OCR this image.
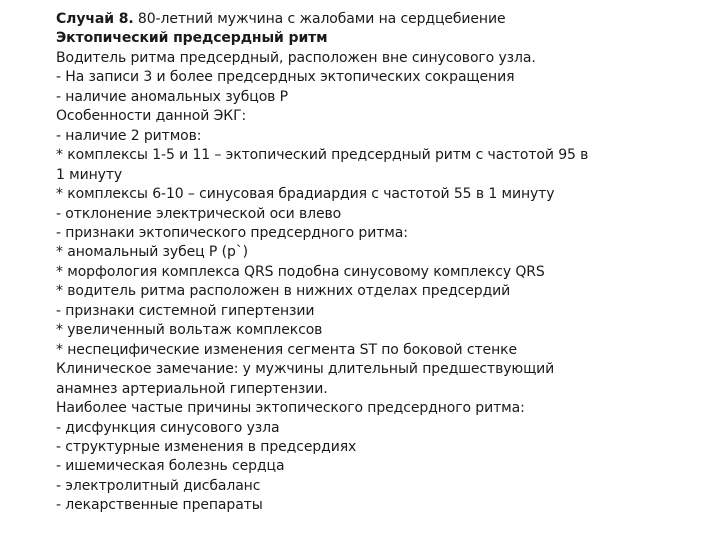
Случай 8. 80-летний мужчина с жалобами на сердцебиение
Эктопический предсердный ритм
Водитель ритма предсердный, расположен вне синусового узла.
- На записи 3 и более предсердных эктопических сокращения
- наличие аномальных зубцов Р
Особенности данной ЭКГ:
- наличие 2 ритмов:
* комплексы 1-5 и 11 – эктопический предсердный ритм с частотой 95 в
1 минуту
* комплексы 6-10 – синусовая брадиардия с частотой 55 в 1 минуту
- отклонение электрической оси влево
- признаки эктопического предсердного ритма:
* аномальный зубец Р (р`)
* морфология комплекса QRS подобна синусовому комплексу QRS
* водитель ритма расположен в нижних отделах предсердий
- признаки системной гипертензии
* увеличенный вольтаж комплексов
* неспецифические изменения сегмента ST по боковой стенке
Клиническое замечание: у мужчины длительный предшествующий
анамнез артериальной гипертензии.
Наиболее частые причины эктопического предсердного ритма:
- дисфункция синусового узла
- структурные изменения в предсердиях
- ишемическая болезнь сердца
- электролитный дисбаланс
- лекарственные препараты
